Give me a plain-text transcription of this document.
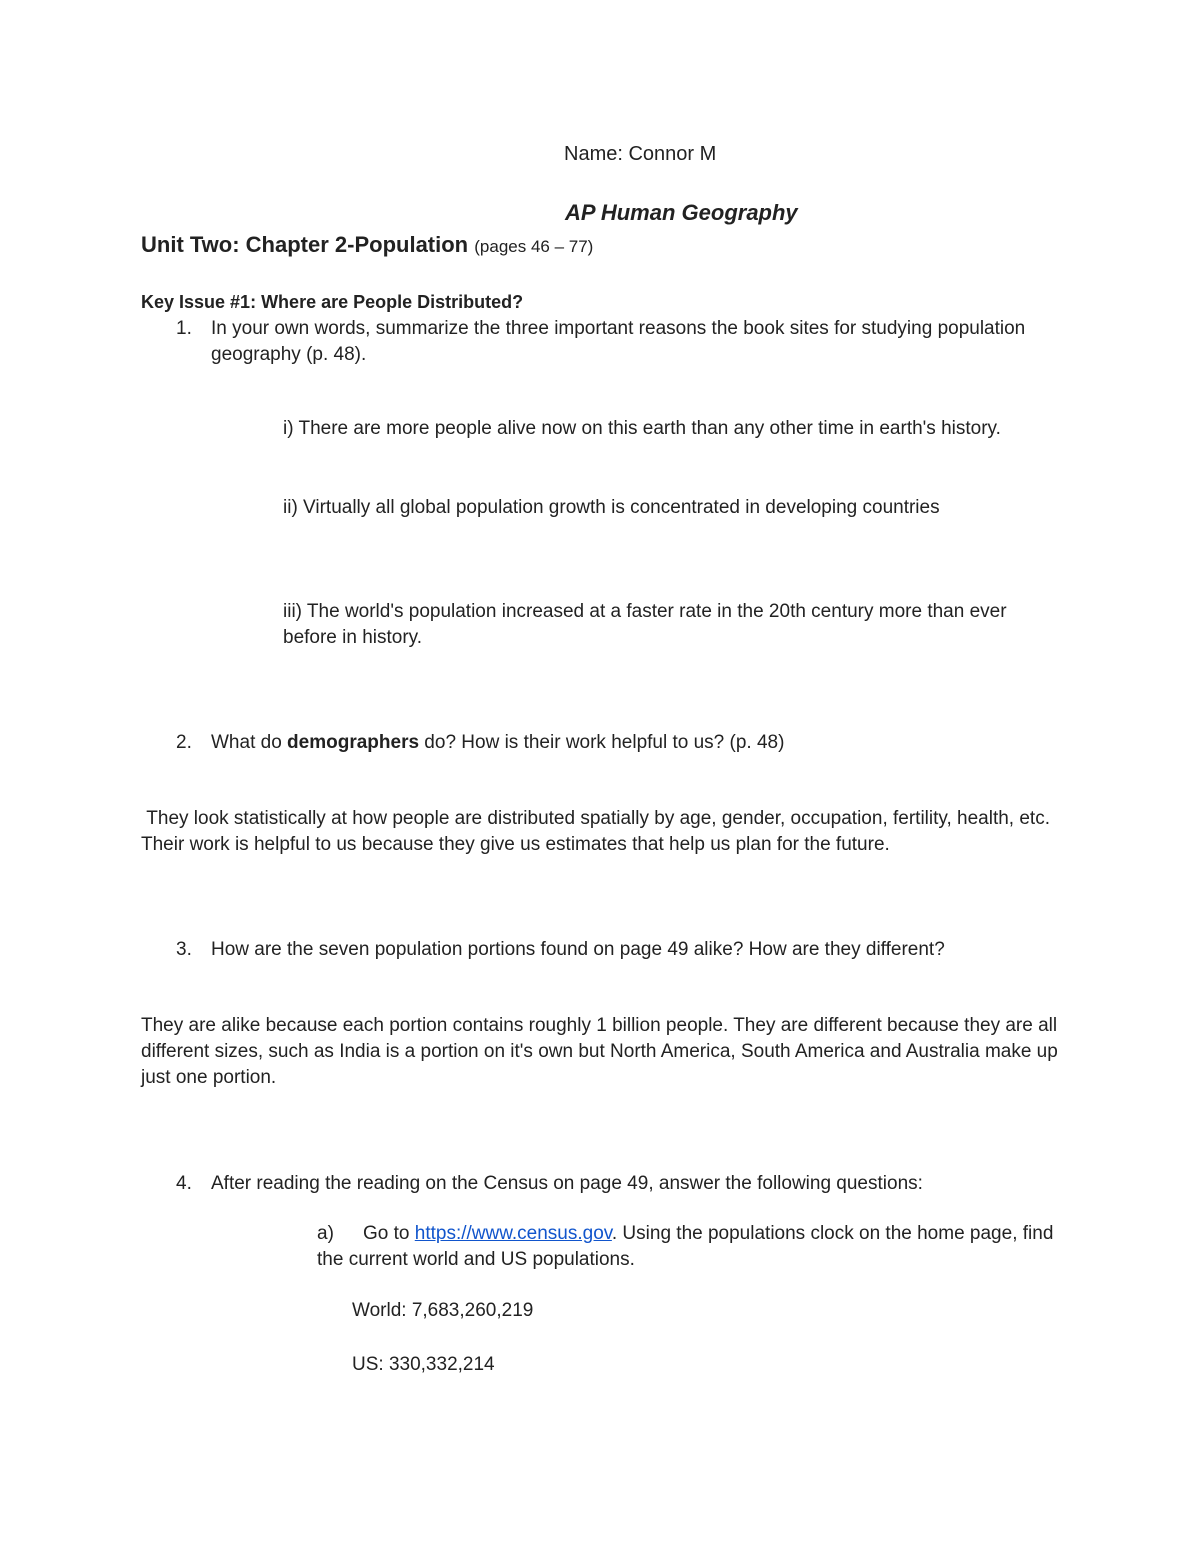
Name: Connor M
AP Human Geography
Unit Two: Chapter 2-Population (pages 46 – 77)
Key Issue #1: Where are People Distributed?
1. In your own words, summarize the three important reasons the book sites for studying population geography (p. 48).
i) There are more people alive now on this earth than any other time in earth's history.
ii) Virtually all global population growth is concentrated in developing countries
iii) The world's population increased at a faster rate in the 20th century more than ever before in history.
2. What do demographers do? How is their work helpful to us? (p. 48)
They look statistically at how people are distributed spatially by age, gender, occupation, fertility, health, etc. Their work is helpful to us because they give us estimates that help us plan for the future.
3. How are the seven population portions found on page 49 alike? How are they different?
They are alike because each portion contains roughly 1 billion people. They are different because they are all different sizes, such as India is a portion on it's own but North America, South America and Australia make up just one portion.
4. After reading the reading on the Census on page 49, answer the following questions:
a)	Go to https://www.census.gov. Using the populations clock on the home page, find the current world and US populations.
World: 7,683,260,219
US: 330,332,214
